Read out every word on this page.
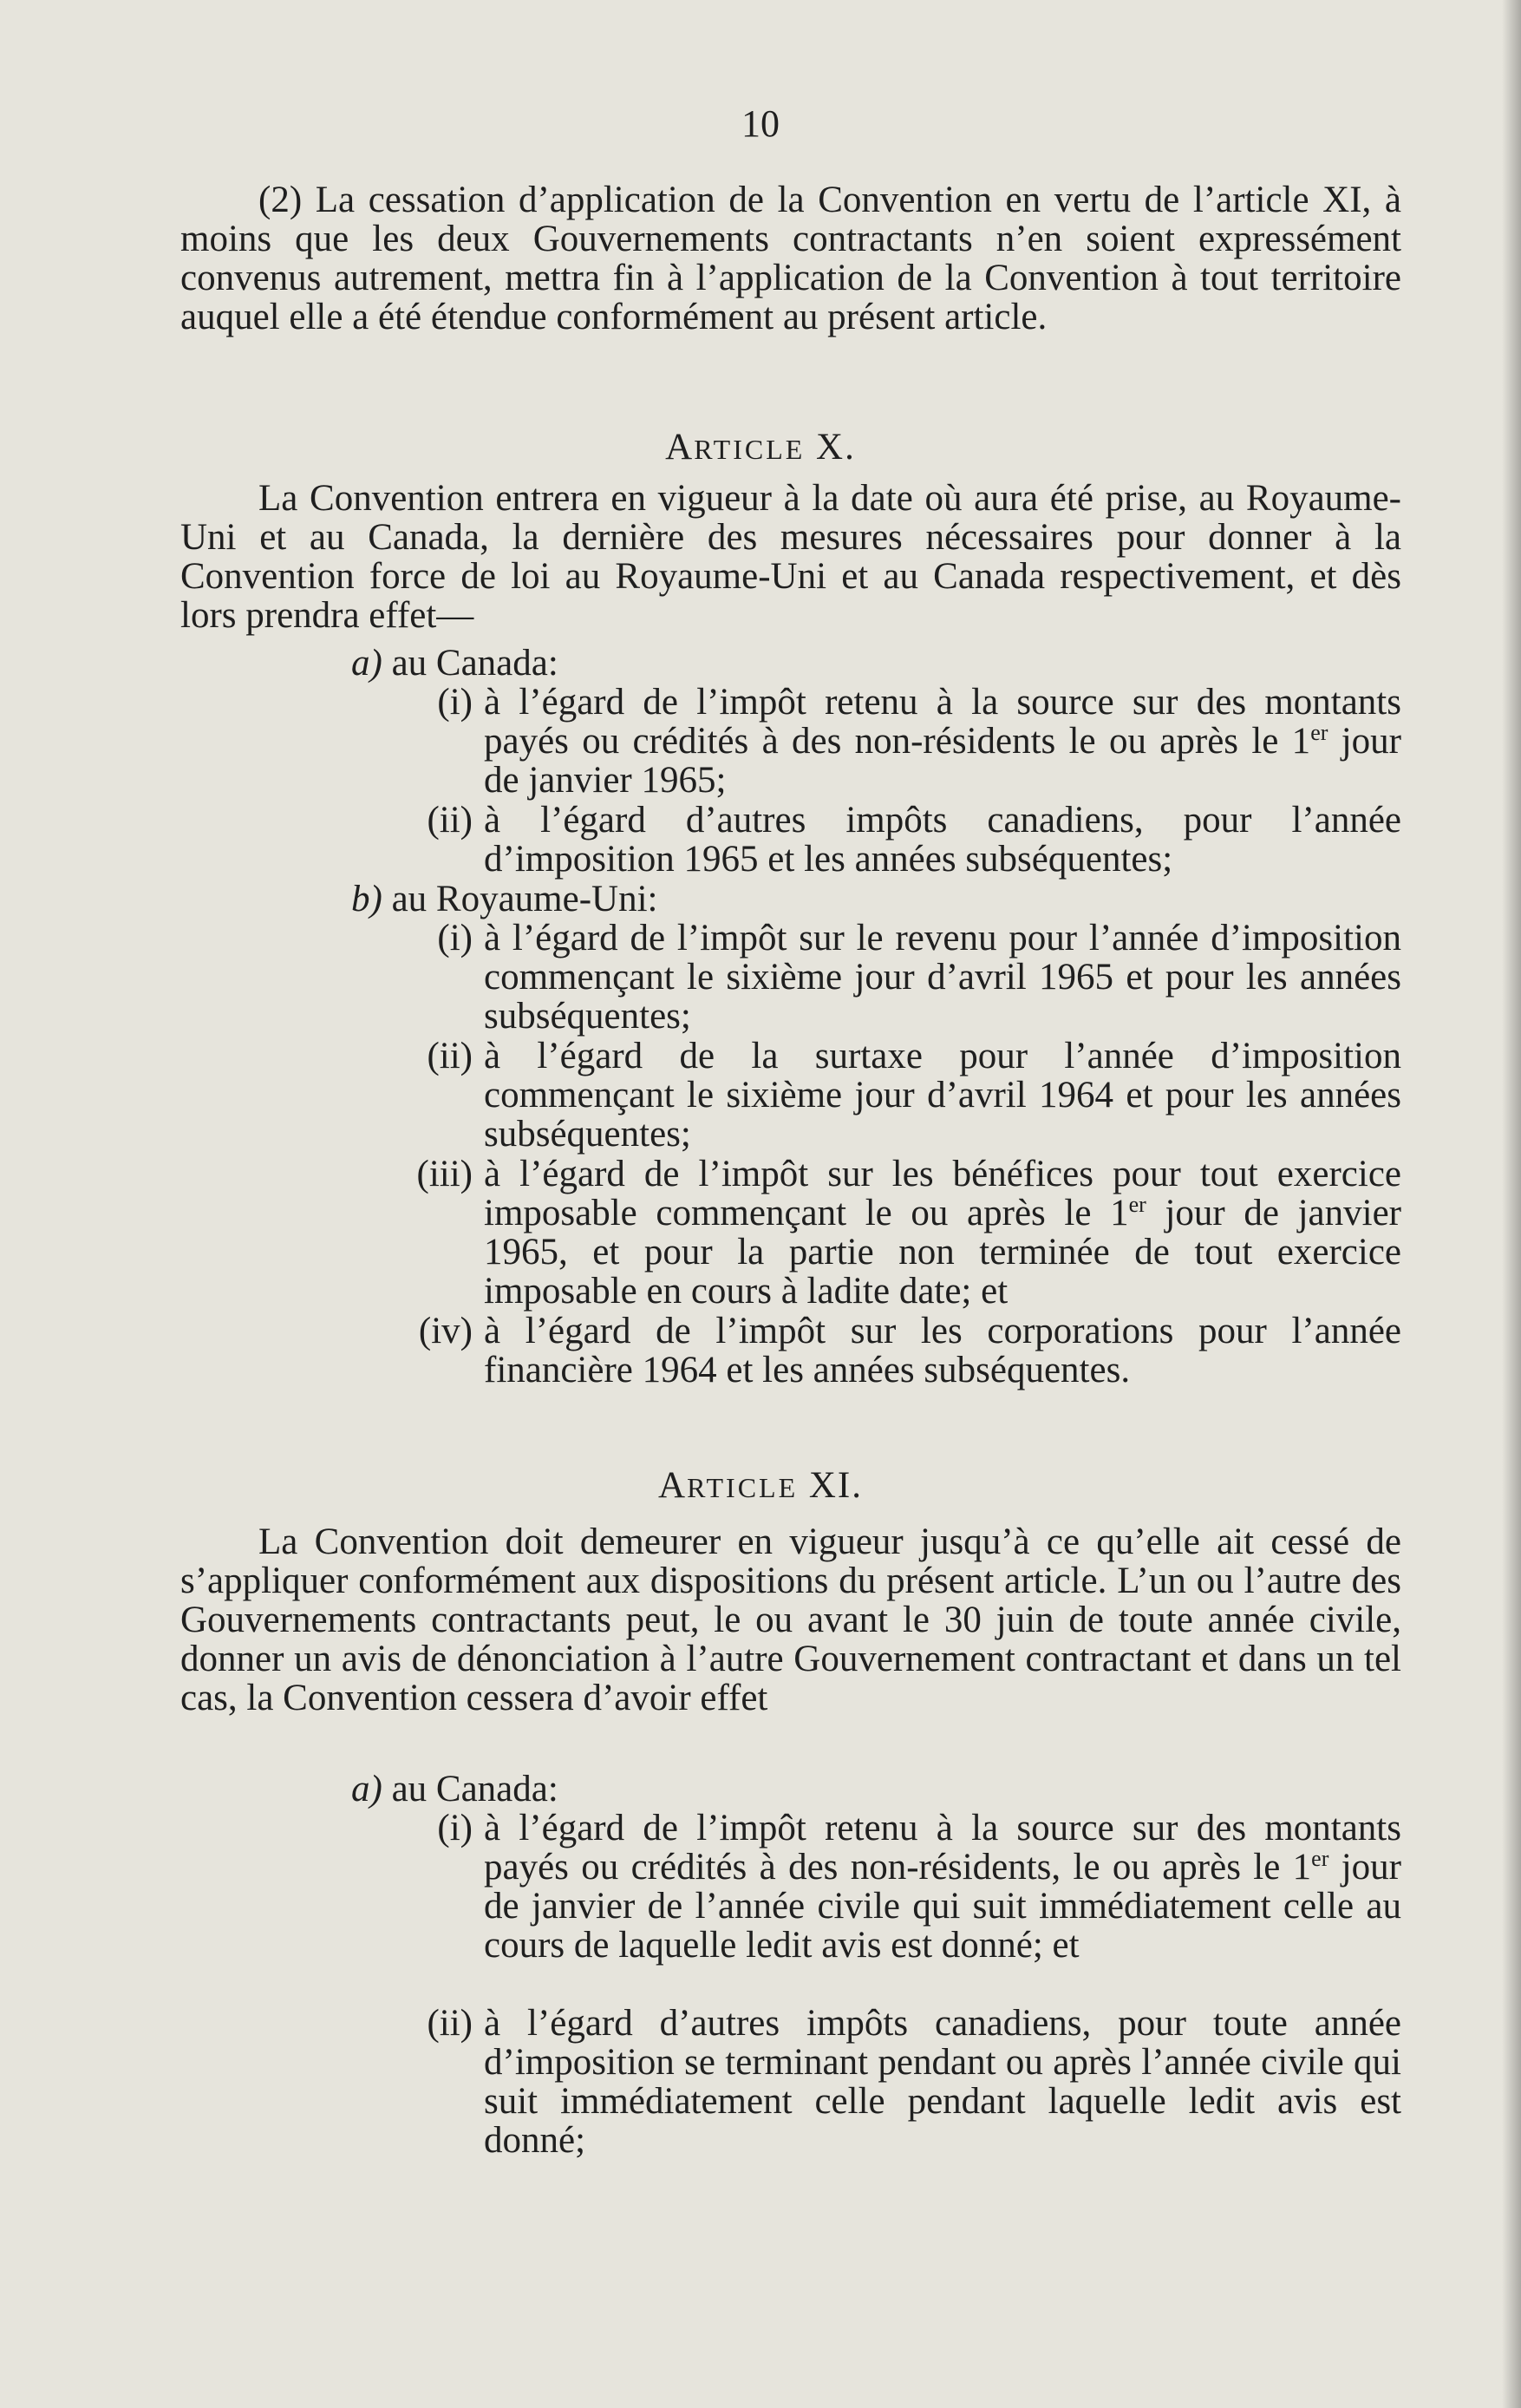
10
(2) La cessation d’application de la Convention en vertu de l’article XI, à moins que les deux Gouvernements contractants n’en soient expressément convenus autrement, mettra fin à l’application de la Convention à tout territoire auquel elle a été étendue conformément au présent article.
ARTICLE X.
La Convention entrera en vigueur à la date où aura été prise, au Royaume-Uni et au Canada, la dernière des mesures nécessaires pour donner à la Convention force de loi au Royaume-Uni et au Canada respectivement, et dès lors prendra effet—
a) au Canada:
(i) à l’égard de l’impôt retenu à la source sur des montants payés ou crédités à des non-résidents le ou après le 1er jour de janvier 1965;
(ii) à l’égard d’autres impôts canadiens, pour l’année d’imposition 1965 et les années subséquentes;
b) au Royaume-Uni:
(i) à l’égard de l’impôt sur le revenu pour l’année d’imposition commençant le sixième jour d’avril 1965 et pour les années subséquentes;
(ii) à l’égard de la surtaxe pour l’année d’imposition commençant le sixième jour d’avril 1964 et pour les années subséquentes;
(iii) à l’égard de l’impôt sur les bénéfices pour tout exercice imposable commençant le ou après le 1er jour de janvier 1965, et pour la partie non terminée de tout exercice imposable en cours à ladite date; et
(iv) à l’égard de l’impôt sur les corporations pour l’année financière 1964 et les années subséquentes.
ARTICLE XI.
La Convention doit demeurer en vigueur jusqu’à ce qu’elle ait cessé de s’appliquer conformément aux dispositions du présent article. L’un ou l’autre des Gouvernements contractants peut, le ou avant le 30 juin de toute année civile, donner un avis de dénonciation à l’autre Gouvernement contractant et dans un tel cas, la Convention cessera d’avoir effet
a) au Canada:
(i) à l’égard de l’impôt retenu à la source sur des montants payés ou crédités à des non-résidents, le ou après le 1er jour de janvier de l’année civile qui suit immédiatement celle au cours de laquelle ledit avis est donné; et
(ii) à l’égard d’autres impôts canadiens, pour toute année d’imposition se terminant pendant ou après l’année civile qui suit immédiatement celle pendant laquelle ledit avis est donné;
